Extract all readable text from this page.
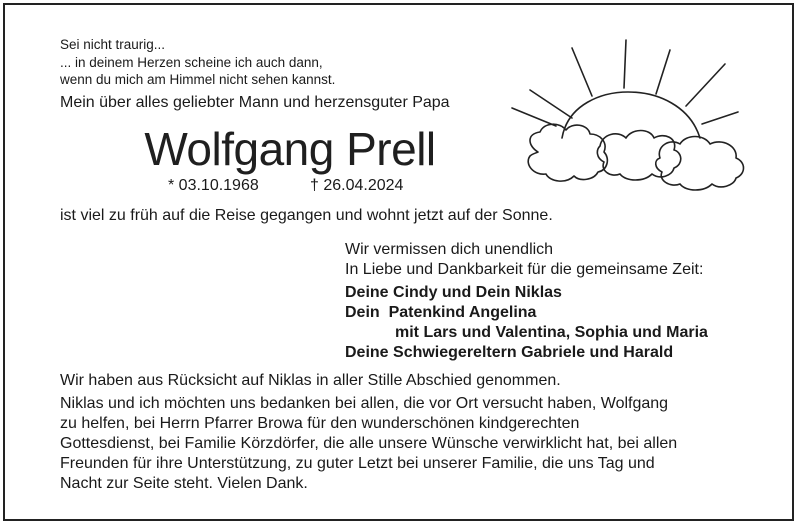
Sei nicht traurig...
... in deinem Herzen scheine ich auch dann,
wenn du mich am Himmel nicht sehen kannst.
Mein über alles geliebter Mann und herzensguter Papa
Wolfgang Prell
* 03.10.1968	† 26.04.2024
ist viel zu früh auf die Reise gegangen und wohnt jetzt auf der Sonne.
Wir vermissen dich unendlich
In Liebe und Dankbarkeit für die gemeinsame Zeit:
Deine Cindy und Dein Niklas
Dein  Patenkind Angelina
mit Lars und Valentina, Sophia und Maria
Deine Schwiegereltern Gabriele und Harald
Wir haben aus Rücksicht auf Niklas in aller Stille Abschied genommen.
Niklas und ich möchten uns bedanken bei allen, die vor Ort versucht haben, Wolfgang
zu helfen, bei Herrn Pfarrer Browa für den wunderschönen kindgerechten
Gottesdienst, bei Familie Körzdörfer, die alle unsere Wünsche verwirklicht hat, bei allen
Freunden für ihre Unterstützung, zu guter Letzt bei unserer Familie, die uns Tag und
Nacht zur Seite steht. Vielen Dank.
